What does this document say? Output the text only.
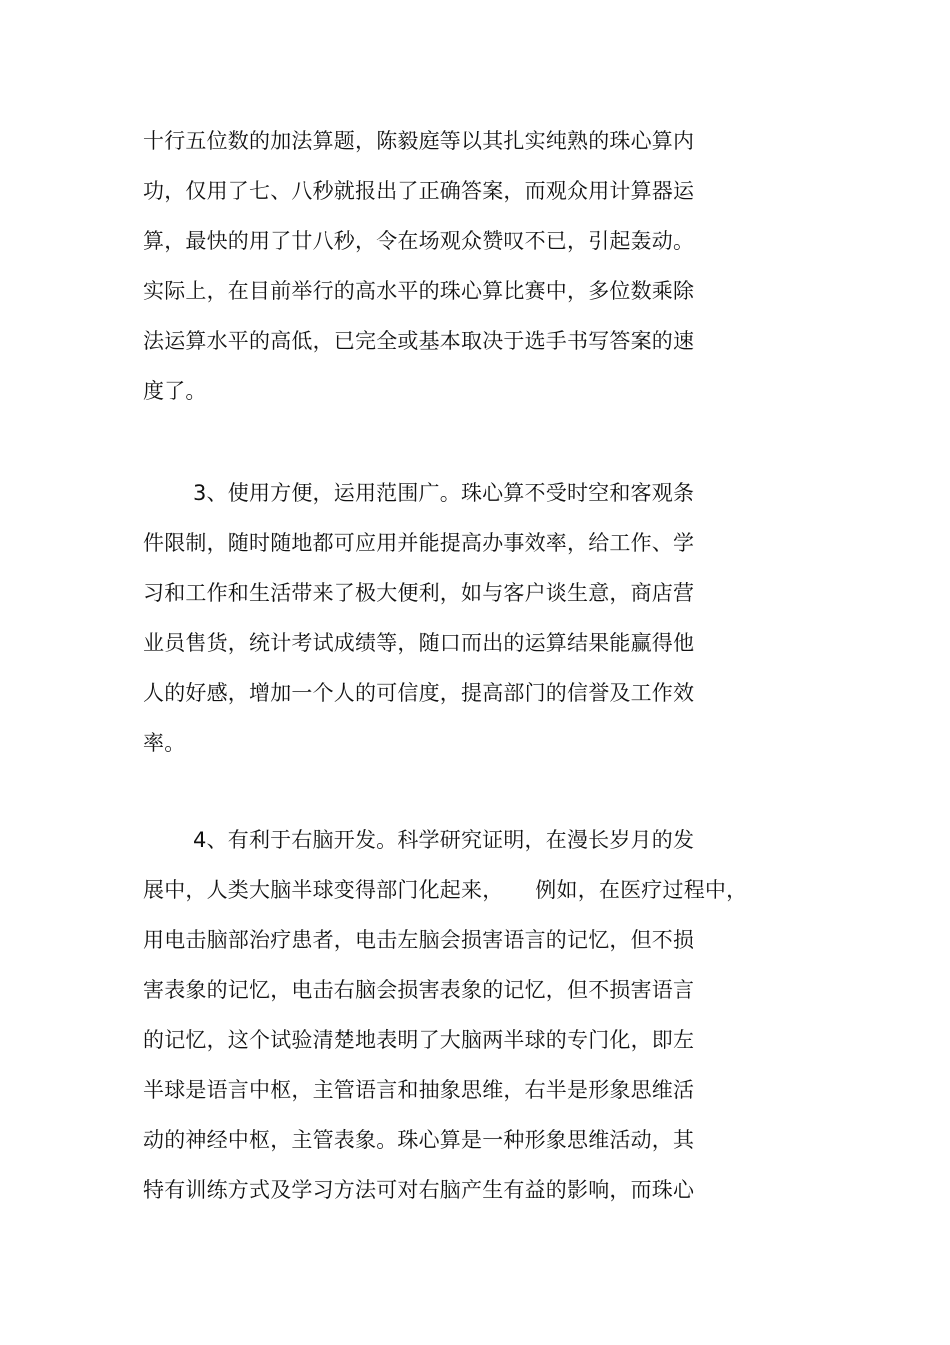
十行五位数的加法算题，陈毅庭等以其扎实纯熟的珠心算内
功，仅用了七、八秒就报出了正确答案，而观众用计算器运
算，最快的用了廿八秒，令在场观众赞叹不已，引起轰动。
实际上，在目前举行的高水平的珠心算比赛中，多位数乘除
法运算水平的高低，已完全或基本取决于选手书写答案的速
度了。
3、使用方便，运用范围广。珠心算不受时空和客观条
件限制，随时随地都可应用并能提高办事效率，给工作、学
习和工作和生活带来了极大便利，如与客户谈生意，商店营
业员售货，统计考试成绩等，随口而出的运算结果能赢得他
人的好感，增加一个人的可信度，提高部门的信誉及工作效
率。
4、有利于右脑开发。科学研究证明，在漫长岁月的发
展中，人类大脑半球变得部门化起来，　　例如，在医疗过程中，
用电击脑部治疗患者，电击左脑会损害语言的记忆，但不损
害表象的记忆，电击右脑会损害表象的记忆，但不损害语言
的记忆，这个试验清楚地表明了大脑两半球的专门化，即左
半球是语言中枢，主管语言和抽象思维，右半是形象思维活
动的神经中枢，主管表象。珠心算是一种形象思维活动，其
特有训练方式及学习方法可对右脑产生有益的影响，而珠心
